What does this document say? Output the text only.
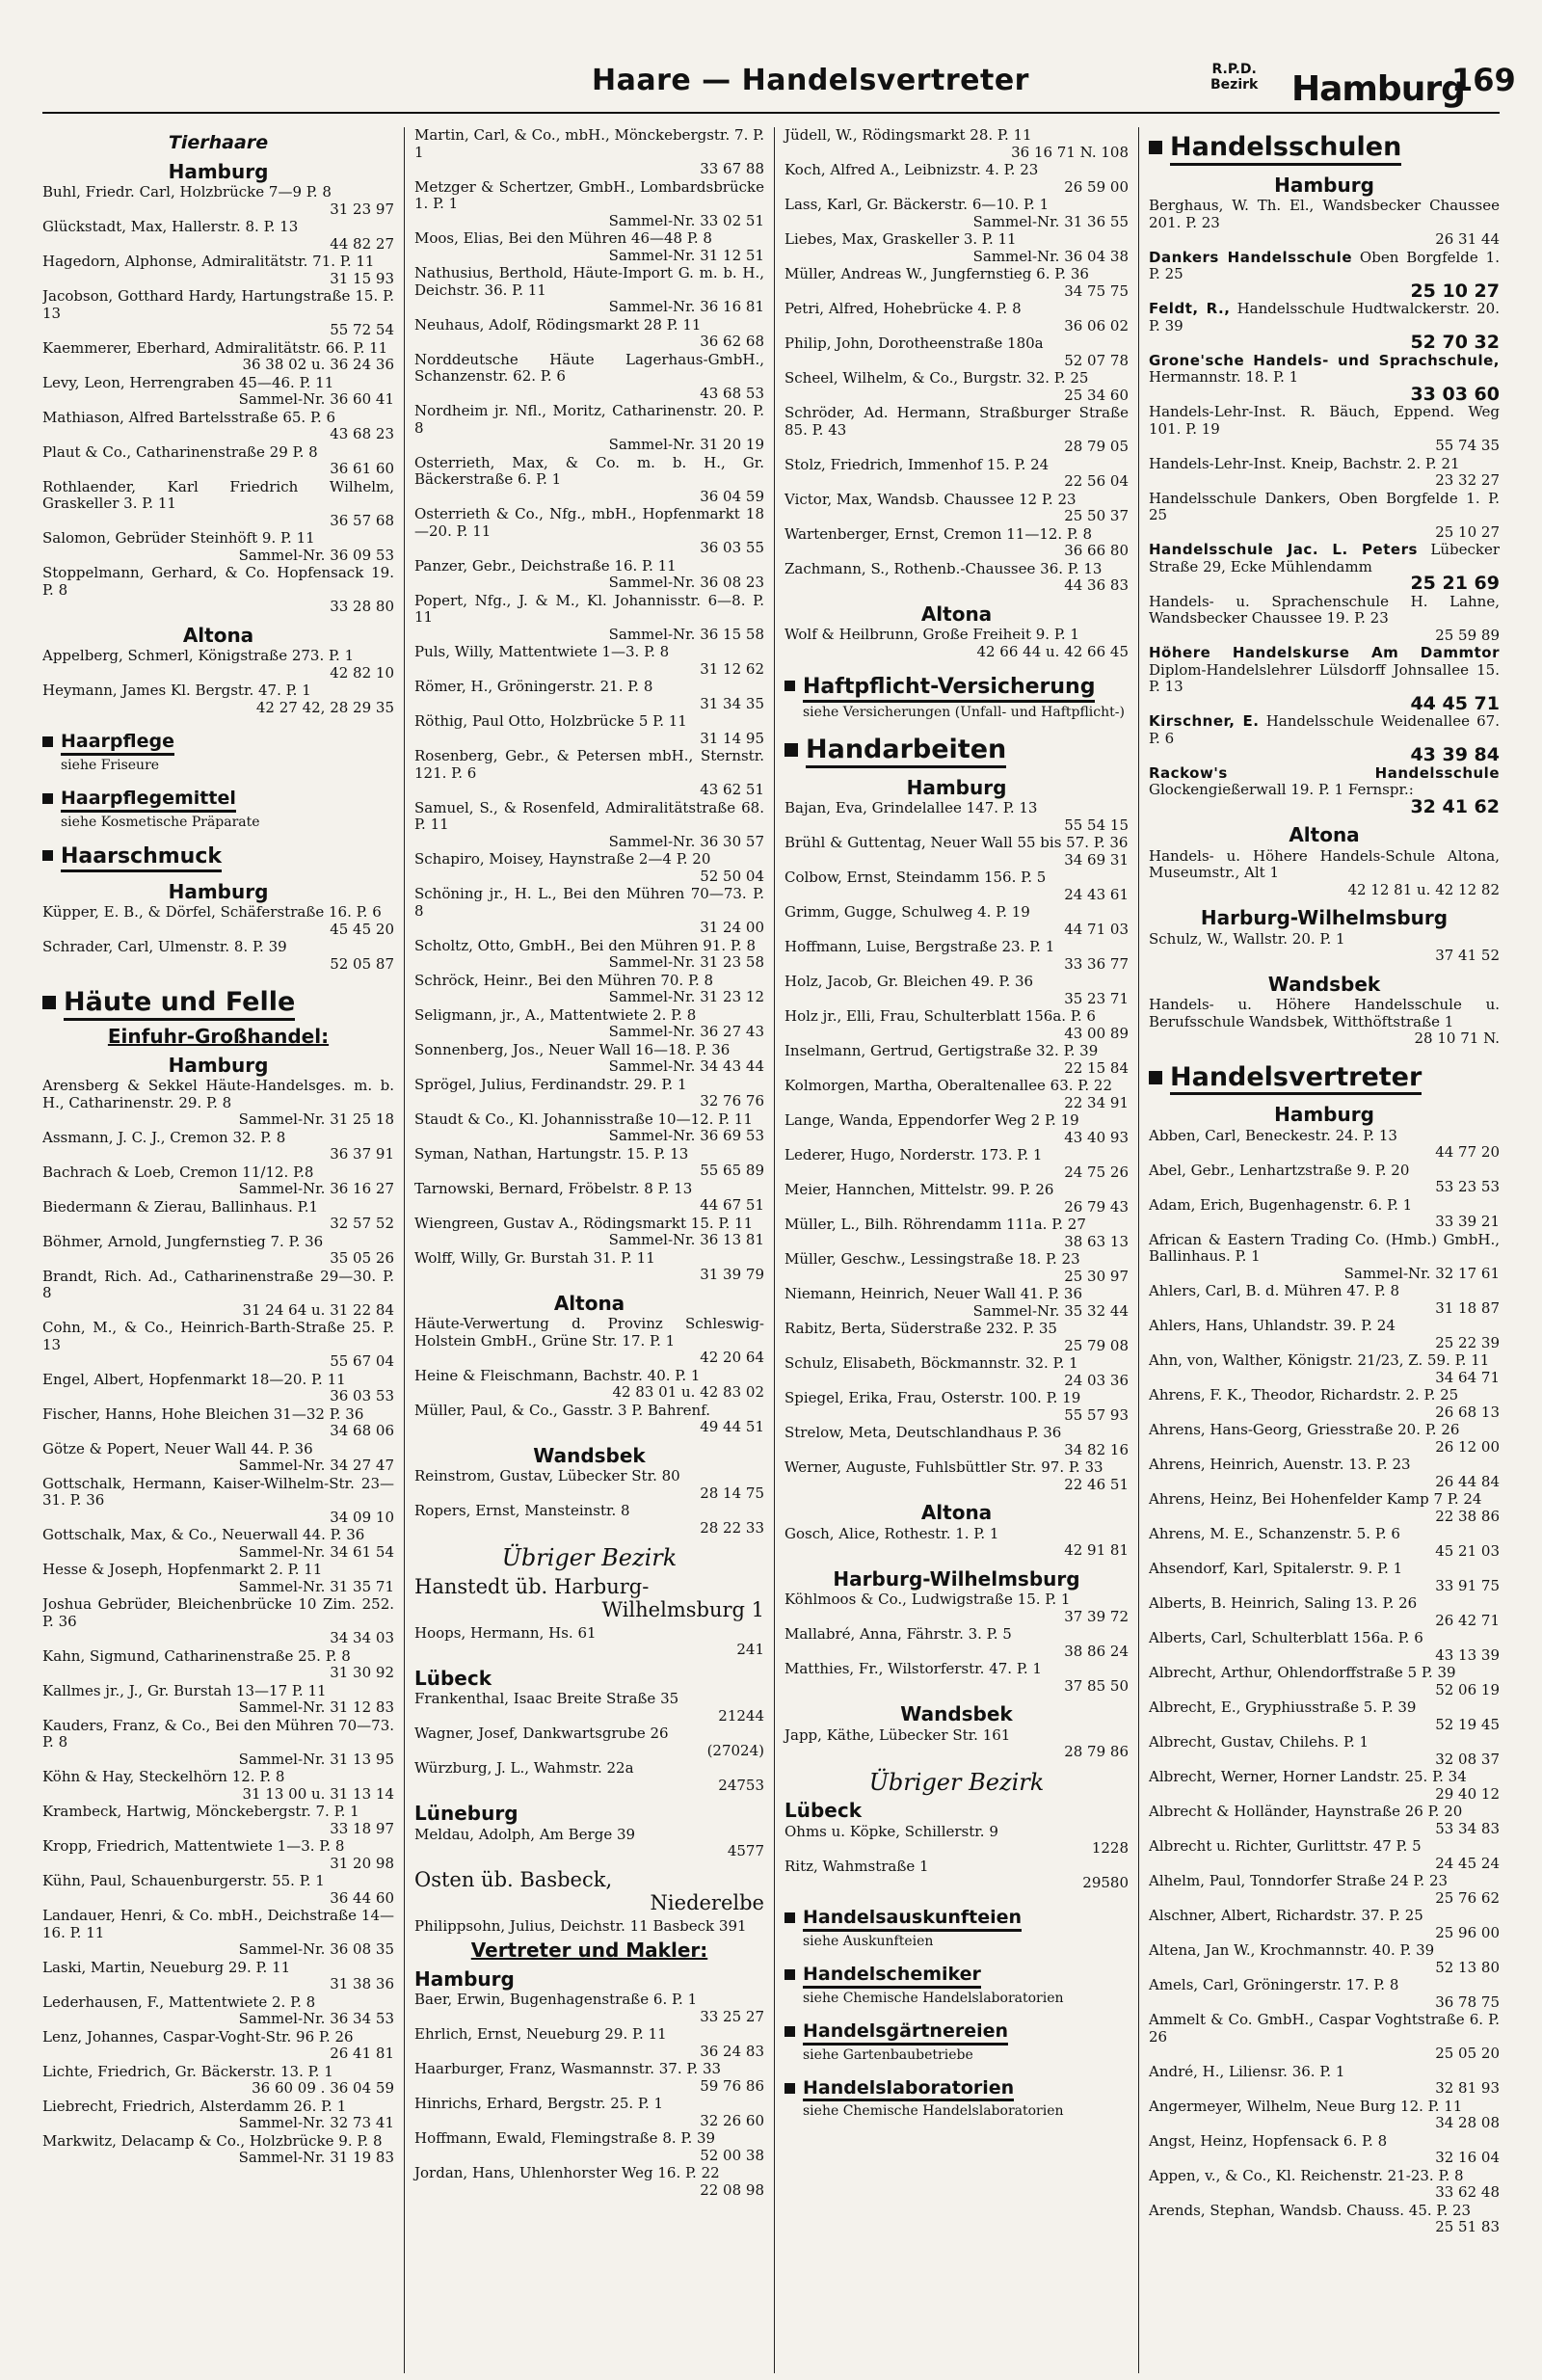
Haare — Handelsvertreter	R.P.D.
Bezirk Hamburg
169
Tierhaare
Hamburg
Buhl, Friedr. Carl, Holzbrücke 7—9 P. 8
31 23 97
Glückstadt, Max, Hallerstr. 8. P. 13
44 82 27
Hagedorn, Alphonse, Admiralitätstr. 71. P. 11
31 15 93
Jacobson, Gotthard Hardy, Hartungstraße 15. P. 13
55 72 54
Kaemmerer, Eberhard, Admiralitätstr. 66. P. 11
36 38 02 u. 36 24 36
Levy, Leon, Herrengraben 45—46. P. 11
Sammel-Nr. 36 60 41
Mathiason, Alfred Bartelsstraße 65. P. 6
43 68 23
Plaut & Co., Catharinenstraße 29 P. 8
36 61 60
Rothlaender, Karl Friedrich Wilhelm, Graskeller 3. P. 11
36 57 68
Salomon, Gebrüder Steinhöft 9. P. 11
Sammel-Nr. 36 09 53
Stoppelmann, Gerhard, & Co. Hopfensack 19. P. 8
33 28 80
Altona
Appelberg, Schmerl, Königstraße 273. P. 1
42 82 10
Heymann, James Kl. Bergstr. 47. P. 1
42 27 42, 28 29 35
Haarpflege
siehe Friseure
Haarpflegemittel
siehe Kosmetische Präparate
Haarschmuck
Hamburg
Küpper, E. B., & Dörfel, Schäferstraße 16. P. 6
45 45 20
Schrader, Carl, Ulmenstr. 8. P. 39
52 05 87
Häute und Felle
Einfuhr-Großhandel:
Hamburg
Arensberg & Sekkel Häute-Handelsges. m. b. H., Catharinenstr. 29. P. 8
Sammel-Nr. 31 25 18
Assmann, J. C. J., Cremon 32. P. 8
36 37 91
Bachrach & Loeb, Cremon 11/12. P.8
Sammel-Nr. 36 16 27
Biedermann & Zierau, Ballinhaus. P.1
32 57 52
Böhmer, Arnold, Jungfernstieg 7. P. 36
35 05 26
Brandt, Rich. Ad., Catharinenstraße 29—30. P. 8
31 24 64 u. 31 22 84
Cohn, M., & Co., Heinrich-Barth-Straße 25. P. 13
55 67 04
Engel, Albert, Hopfenmarkt 18—20. P. 11
36 03 53
Fischer, Hanns, Hohe Bleichen 31—32 P. 36
34 68 06
Götze & Popert, Neuer Wall 44. P. 36
Sammel-Nr. 34 27 47
Gottschalk, Hermann, Kaiser-Wilhelm-Str. 23—31. P. 36
34 09 10
Gottschalk, Max, & Co., Neuerwall 44. P. 36
Sammel-Nr. 34 61 54
Hesse & Joseph, Hopfenmarkt 2. P. 11
Sammel-Nr. 31 35 71
Joshua Gebrüder, Bleichenbrücke 10 Zim. 252. P. 36
34 34 03
Kahn, Sigmund, Catharinenstraße 25. P. 8
31 30 92
Kallmes jr., J., Gr. Burstah 13—17 P. 11
Sammel-Nr. 31 12 83
Kauders, Franz, & Co., Bei den Mühren 70—73. P. 8
Sammel-Nr. 31 13 95
Köhn & Hay, Steckelhörn 12. P. 8
31 13 00 u. 31 13 14
Krambeck, Hartwig, Mönckebergstr. 7. P. 1
33 18 97
Kropp, Friedrich, Mattentwiete 1—3. P. 8
31 20 98
Kühn, Paul, Schauenburgerstr. 55. P. 1
36 44 60
Landauer, Henri, & Co. mbH., Deichstraße 14—16. P. 11
Sammel-Nr. 36 08 35
Laski, Martin, Neueburg 29. P. 11
31 38 36
Lederhausen, F., Mattentwiete 2. P. 8
Sammel-Nr. 36 34 53
Lenz, Johannes, Caspar-Voght-Str. 96 P. 26
26 41 81
Lichte, Friedrich, Gr. Bäckerstr. 13. P. 1
36 60 09 . 36 04 59
Liebrecht, Friedrich, Alsterdamm 26. P. 1
Sammel-Nr. 32 73 41
Markwitz, Delacamp & Co., Holzbrücke 9. P. 8
Sammel-Nr. 31 19 83
Martin, Carl, & Co., mbH., Mönckebergstr. 7. P. 1
33 67 88
Metzger & Schertzer, GmbH., Lombardsbrücke 1. P. 1
Sammel-Nr. 33 02 51
Moos, Elias, Bei den Mühren 46—48 P. 8
Sammel-Nr. 31 12 51
Nathusius, Berthold, Häute-Import G. m. b. H., Deichstr. 36. P. 11
Sammel-Nr. 36 16 81
Neuhaus, Adolf, Rödingsmarkt 28 P. 11
36 62 68
Norddeutsche Häute Lagerhaus-GmbH., Schanzenstr. 62. P. 6
43 68 53
Nordheim jr. Nfl., Moritz, Catharinenstr. 20. P. 8
Sammel-Nr. 31 20 19
Osterrieth, Max, & Co. m. b. H., Gr. Bäckerstraße 6. P. 1
36 04 59
Osterrieth & Co., Nfg., mbH., Hopfenmarkt 18—20. P. 11
36 03 55
Panzer, Gebr., Deichstraße 16. P. 11
Sammel-Nr. 36 08 23
Popert, Nfg., J. & M., Kl. Johannisstr. 6—8. P. 11
Sammel-Nr. 36 15 58
Puls, Willy, Mattentwiete 1—3. P. 8
31 12 62
Römer, H., Gröningerstr. 21. P. 8
31 34 35
Röthig, Paul Otto, Holzbrücke 5 P. 11
31 14 95
Rosenberg, Gebr., & Petersen mbH., Sternstr. 121. P. 6
43 62 51
Samuel, S., & Rosenfeld, Admiralitätstraße 68. P. 11
Sammel-Nr. 36 30 57
Schapiro, Moisey, Haynstraße 2—4 P. 20
52 50 04
Schöning jr., H. L., Bei den Mühren 70—73. P. 8
31 24 00
Scholtz, Otto, GmbH., Bei den Mühren 91. P. 8
Sammel-Nr. 31 23 58
Schröck, Heinr., Bei den Mühren 70. P. 8
Sammel-Nr. 31 23 12
Seligmann, jr., A., Mattentwiete 2. P. 8
Sammel-Nr. 36 27 43
Sonnenberg, Jos., Neuer Wall 16—18. P. 36
Sammel-Nr. 34 43 44
Sprögel, Julius, Ferdinandstr. 29. P. 1
32 76 76
Staudt & Co., Kl. Johannisstraße 10—12. P. 11
Sammel-Nr. 36 69 53
Syman, Nathan, Hartungstr. 15. P. 13
55 65 89
Tarnowski, Bernard, Fröbelstr. 8 P. 13
44 67 51
Wiengreen, Gustav A., Rödingsmarkt 15. P. 11
Sammel-Nr. 36 13 81
Wolff, Willy, Gr. Burstah 31. P. 11
31 39 79
Altona
Häute-Verwertung d. Provinz Schleswig-Holstein GmbH., Grüne Str. 17. P. 1
42 20 64
Heine & Fleischmann, Bachstr. 40. P. 1
42 83 01 u. 42 83 02
Müller, Paul, & Co., Gasstr. 3 P. Bahrenf.
49 44 51
Wandsbek
Reinstrom, Gustav, Lübecker Str. 80
28 14 75
Ropers, Ernst, Mansteinstr. 8
28 22 33
Übriger Bezirk
Hanstedt üb. Harburg-
Wilhelmsburg 1
Hoops, Hermann, Hs. 61
241
Lübeck
Frankenthal, Isaac Breite Straße 35
21244
Wagner, Josef, Dankwartsgrube 26
(27024)
Würzburg, J. L., Wahmstr. 22a
24753
Lüneburg
Meldau, Adolph, Am Berge 39
4577
Osten üb. Basbeck,
Niederelbe
Philippsohn, Julius, Deichstr. 11 Basbeck 391
Vertreter und Makler:
Hamburg
Baer, Erwin, Bugenhagenstraße 6. P. 1
33 25 27
Ehrlich, Ernst, Neueburg 29. P. 11
36 24 83
Haarburger, Franz, Wasmannstr. 37. P. 33
59 76 86
Hinrichs, Erhard, Bergstr. 25. P. 1
32 26 60
Hoffmann, Ewald, Flemingstraße 8. P. 39
52 00 38
Jordan, Hans, Uhlenhorster Weg 16. P. 22
22 08 98
Jüdell, W., Rödingsmarkt 28. P. 11
36 16 71 N. 108
Koch, Alfred A., Leibnizstr. 4. P. 23
26 59 00
Lass, Karl, Gr. Bäckerstr. 6—10. P. 1
Sammel-Nr. 31 36 55
Liebes, Max, Graskeller 3. P. 11
Sammel-Nr. 36 04 38
Müller, Andreas W., Jungfernstieg 6. P. 36
34 75 75
Petri, Alfred, Hohebrücke 4. P. 8
36 06 02
Philip, John, Dorotheenstraße 180a
52 07 78
Scheel, Wilhelm, & Co., Burgstr. 32. P. 25
25 34 60
Schröder, Ad. Hermann, Straßburger Straße 85. P. 43
28 79 05
Stolz, Friedrich, Immenhof 15. P. 24
22 56 04
Victor, Max, Wandsb. Chaussee 12 P. 23
25 50 37
Wartenberger, Ernst, Cremon 11—12. P. 8
36 66 80
Zachmann, S., Rothenb.-Chaussee 36. P. 13
44 36 83
Altona
Wolf & Heilbrunn, Große Freiheit 9. P. 1
42 66 44 u. 42 66 45
Haftpflicht-Versicherung
siehe Versicherungen (Unfall- und Haftpflicht-)
Handarbeiten
Hamburg
Bajan, Eva, Grindelallee 147. P. 13
55 54 15
Brühl & Guttentag, Neuer Wall 55 bis 57. P. 36
34 69 31
Colbow, Ernst, Steindamm 156. P. 5
24 43 61
Grimm, Gugge, Schulweg 4. P. 19
44 71 03
Hoffmann, Luise, Bergstraße 23. P. 1
33 36 77
Holz, Jacob, Gr. Bleichen 49. P. 36
35 23 71
Holz jr., Elli, Frau, Schulterblatt 156a. P. 6
43 00 89
Inselmann, Gertrud, Gertigstraße 32. P. 39
22 15 84
Kolmorgen, Martha, Oberaltenallee 63. P. 22
22 34 91
Lange, Wanda, Eppendorfer Weg 2 P. 19
43 40 93
Lederer, Hugo, Norderstr. 173. P. 1
24 75 26
Meier, Hannchen, Mittelstr. 99. P. 26
26 79 43
Müller, L., Bilh. Röhrendamm 111a. P. 27
38 63 13
Müller, Geschw., Lessingstraße 18. P. 23
25 30 97
Niemann, Heinrich, Neuer Wall 41. P. 36
Sammel-Nr. 35 32 44
Rabitz, Berta, Süderstraße 232. P. 35
25 79 08
Schulz, Elisabeth, Böckmannstr. 32. P. 1
24 03 36
Spiegel, Erika, Frau, Osterstr. 100. P. 19
55 57 93
Strelow, Meta, Deutschlandhaus P. 36
34 82 16
Werner, Auguste, Fuhlsbüttler Str. 97. P. 33
22 46 51
Altona
Gosch, Alice, Rothestr. 1. P. 1
42 91 81
Harburg-Wilhelmsburg
Köhlmoos & Co., Ludwigstraße 15. P. 1
37 39 72
Mallabré, Anna, Fährstr. 3. P. 5
38 86 24
Matthies, Fr., Wilstorferstr. 47. P. 1
37 85 50
Wandsbek
Japp, Käthe, Lübecker Str. 161
28 79 86
Übriger Bezirk
Lübeck
Ohms u. Köpke, Schillerstr. 9
1228
Ritz, Wahmstraße 1
29580
Handelsauskunfteien
siehe Auskunfteien
Handelschemiker
siehe Chemische Handelslaboratorien
Handelsgärtnereien
siehe Gartenbaubetriebe
Handelslaboratorien
siehe Chemische Handelslaboratorien
Handelsschulen
Hamburg
Berghaus, W. Th. El., Wandsbecker Chaussee 201. P. 23
26 31 44
Dankers Handelsschule Oben Borgfelde 1. P. 25
25 10 27
Feldt, R., Handelsschule Hudtwalckerstr. 20. P. 39
52 70 32
Grone'sche Handels- und Sprachschule, Hermannstr. 18. P. 1
33 03 60
Handels-Lehr-Inst. R. Bäuch, Eppend. Weg 101. P. 19
55 74 35
Handels-Lehr-Inst. Kneip, Bachstr. 2. P. 21
23 32 27
Handelsschule Dankers, Oben Borgfelde 1. P. 25
25 10 27
Handelsschule Jac. L. Peters Lübecker Straße 29, Ecke Mühlendamm
25 21 69
Handels- u. Sprachenschule H. Lahne, Wandsbecker Chaussee 19. P. 23
25 59 89
Höhere Handelskurse Am Dammtor Diplom-Handelslehrer Lülsdorff Johnsallee 15. P. 13
44 45 71
Kirschner, E. Handelsschule Weidenallee 67. P. 6
43 39 84
Rackow's Handelsschule Glockengießerwall 19. P. 1 Fernspr.:
32 41 62
Altona
Handels- u. Höhere Handels-Schule Altona, Museumstr., Alt 1
42 12 81 u. 42 12 82
Harburg-Wilhelmsburg
Schulz, W., Wallstr. 20. P. 1
37 41 52
Wandsbek
Handels- u. Höhere Handelsschule u. Berufsschule Wandsbek, Witthöftstraße 1
28 10 71 N.
Handelsvertreter
Hamburg
Abben, Carl, Beneckestr. 24. P. 13
44 77 20
Abel, Gebr., Lenhartzstraße 9. P. 20
53 23 53
Adam, Erich, Bugenhagenstr. 6. P. 1
33 39 21
African & Eastern Trading Co. (Hmb.) GmbH., Ballinhaus. P. 1
Sammel-Nr. 32 17 61
Ahlers, Carl, B. d. Mühren 47. P. 8
31 18 87
Ahlers, Hans, Uhlandstr. 39. P. 24
25 22 39
Ahn, von, Walther, Königstr. 21/23, Z. 59. P. 11
34 64 71
Ahrens, F. K., Theodor, Richardstr. 2. P. 25
26 68 13
Ahrens, Hans-Georg, Griesstraße 20. P. 26
26 12 00
Ahrens, Heinrich, Auenstr. 13. P. 23
26 44 84
Ahrens, Heinz, Bei Hohenfelder Kamp 7 P. 24
22 38 86
Ahrens, M. E., Schanzenstr. 5. P. 6
45 21 03
Ahsendorf, Karl, Spitalerstr. 9. P. 1
33 91 75
Alberts, B. Heinrich, Saling 13. P. 26
26 42 71
Alberts, Carl, Schulterblatt 156a. P. 6
43 13 39
Albrecht, Arthur, Ohlendorffstraße 5 P. 39
52 06 19
Albrecht, E., Gryphiusstraße 5. P. 39
52 19 45
Albrecht, Gustav, Chilehs. P. 1
32 08 37
Albrecht, Werner, Horner Landstr. 25. P. 34
29 40 12
Albrecht & Holländer, Haynstraße 26 P. 20
53 34 83
Albrecht u. Richter, Gurlittstr. 47 P. 5
24 45 24
Alhelm, Paul, Tonndorfer Straße 24 P. 23
25 76 62
Alschner, Albert, Richardstr. 37. P. 25
25 96 00
Altena, Jan W., Krochmannstr. 40. P. 39
52 13 80
Amels, Carl, Gröningerstr. 17. P. 8
36 78 75
Ammelt & Co. GmbH., Caspar Voghtstraße 6. P. 26
25 05 20
André, H., Liliensr. 36. P. 1
32 81 93
Angermeyer, Wilhelm, Neue Burg 12. P. 11
34 28 08
Angst, Heinz, Hopfensack 6. P. 8
32 16 04
Appen, v., & Co., Kl. Reichenstr. 21-23. P. 8
33 62 48
Arends, Stephan, Wandsb. Chauss. 45. P. 23
25 51 83
